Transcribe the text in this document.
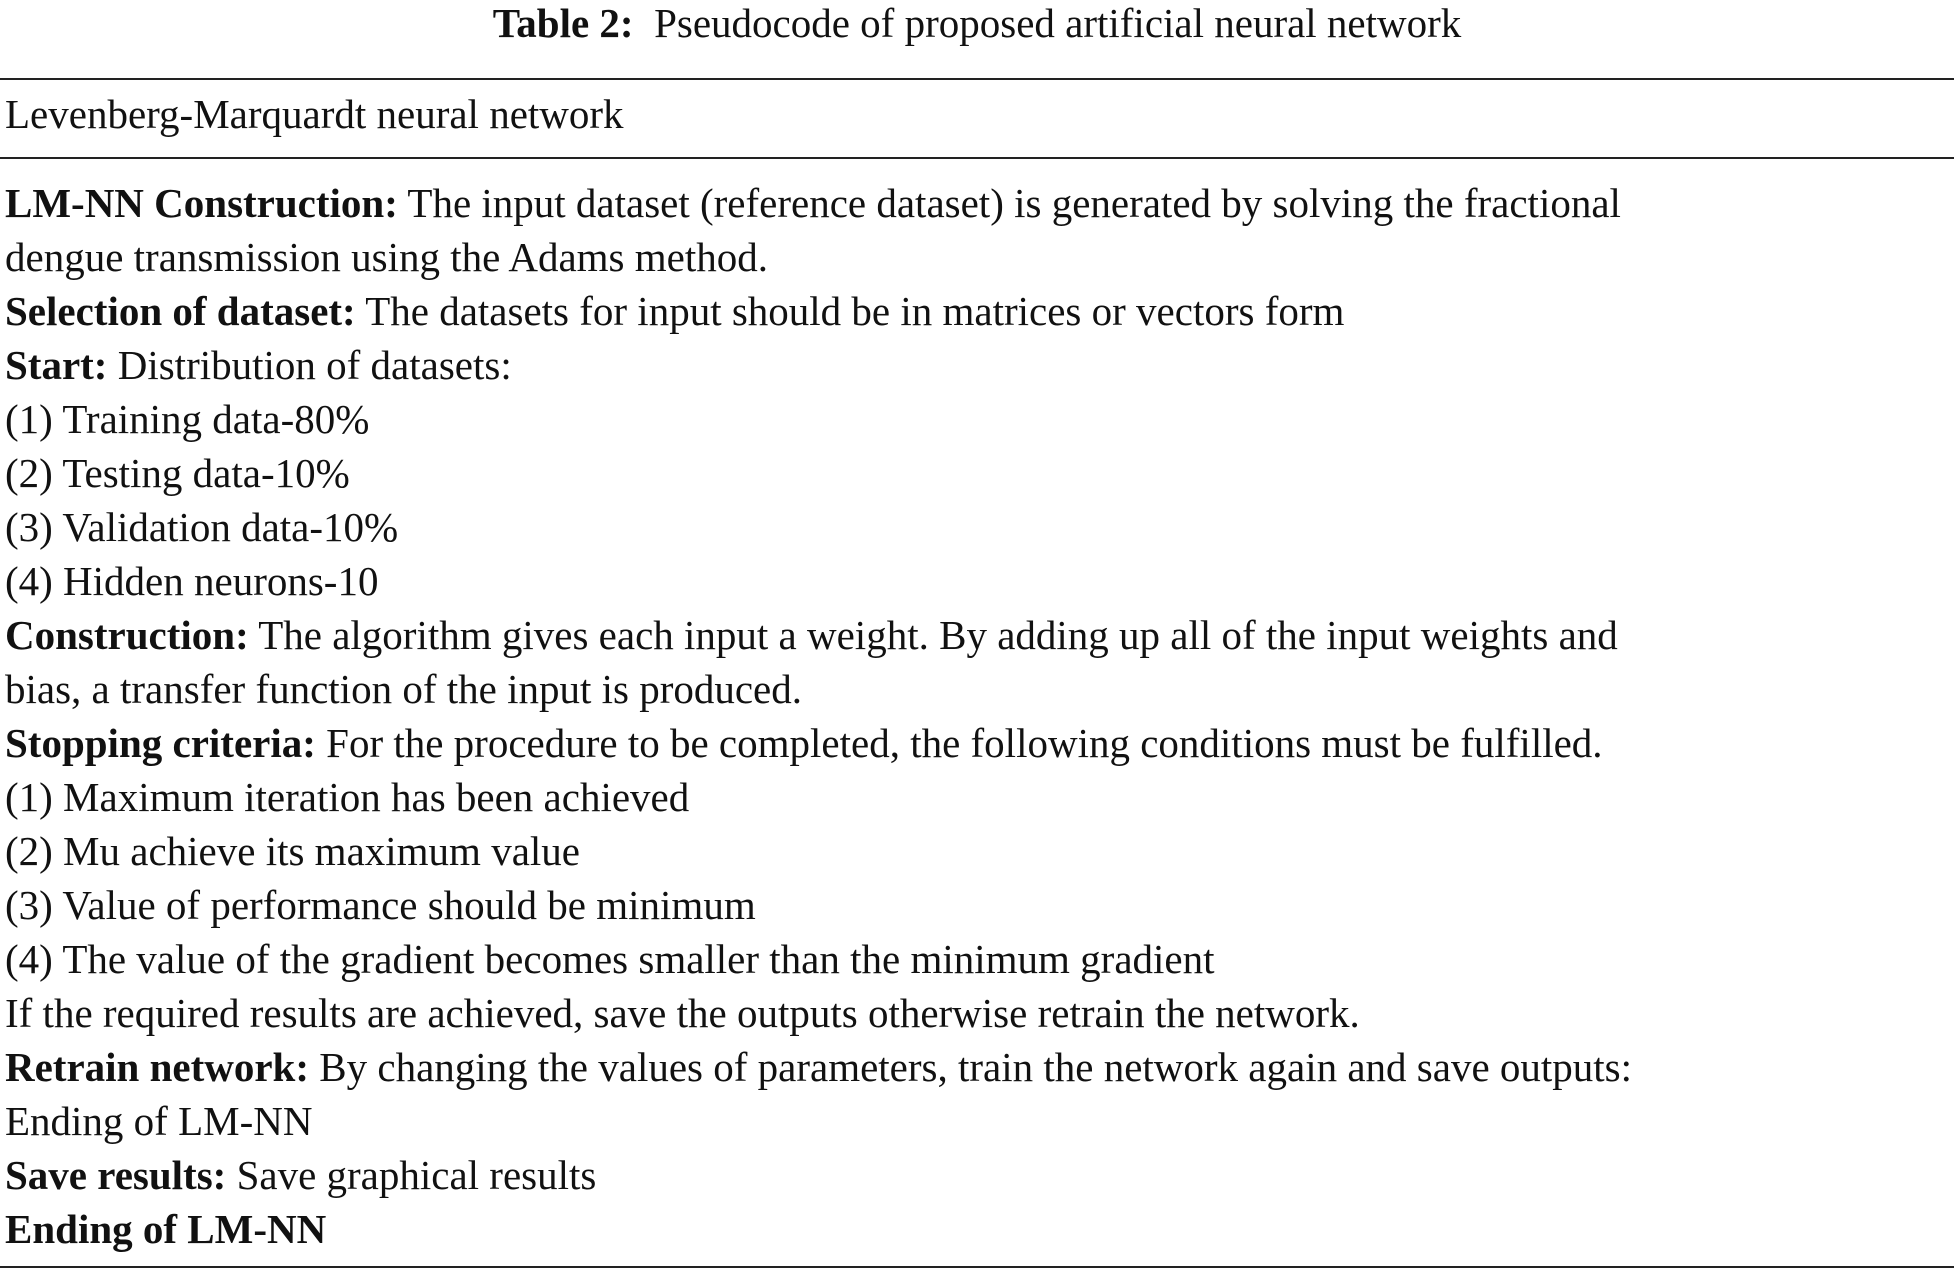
Table 2: Pseudocode of proposed artificial neural network
Levenberg-Marquardt neural network
LM-NN Construction: The input dataset (reference dataset) is generated by solving the fractional
dengue transmission using the Adams method.
Selection of dataset: The datasets for input should be in matrices or vectors form
Start: Distribution of datasets:
(1) Training data-80%
(2) Testing data-10%
(3) Validation data-10%
(4) Hidden neurons-10
Construction: The algorithm gives each input a weight. By adding up all of the input weights and
bias, a transfer function of the input is produced.
Stopping criteria: For the procedure to be completed, the following conditions must be fulfilled.
(1) Maximum iteration has been achieved
(2) Mu achieve its maximum value
(3) Value of performance should be minimum
(4) The value of the gradient becomes smaller than the minimum gradient
If the required results are achieved, save the outputs otherwise retrain the network.
Retrain network: By changing the values of parameters, train the network again and save outputs:
Ending of LM-NN
Save results: Save graphical results
Ending of LM-NN
